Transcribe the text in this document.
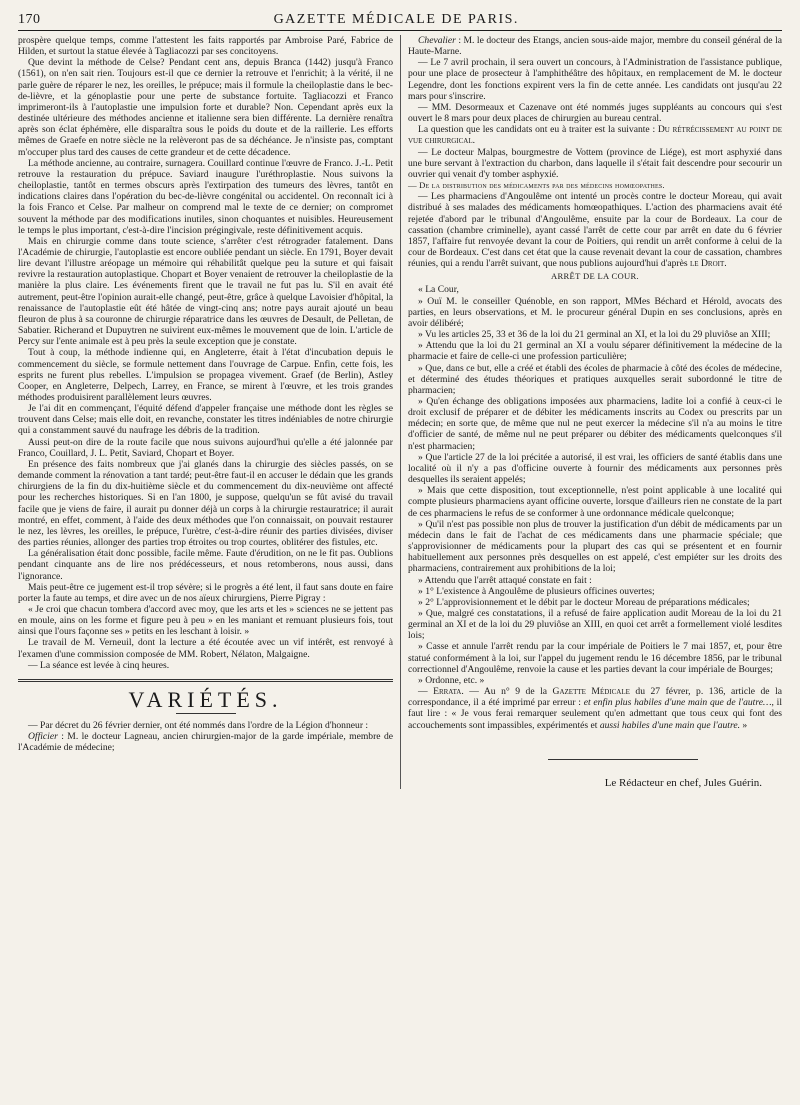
170	GAZETTE MÉDICALE DE PARIS.

prospère quelque temps, comme l'attestent les faits rapportés par Ambroise Paré, Fabrice de Hilden, et surtout la statue élevée à Tagliacozzi par ses concitoyens.

Que devint la méthode de Celse? Pendant cent ans, depuis Branca (1442) jusqu'à Franco (1561), on n'en sait rien. Toujours est-il que ce dernier la retrouve et l'enrichit; à la vérité, il ne parle guère de réparer le nez, les oreilles, le prépuce; mais il formule la cheiloplastie dans le bec-de-lièvre, et la génoplastie pour une perte de substance fortuite. Tagliacozzi et Franco imprimeront-ils à l'autoplastie une impulsion forte et durable? Non. Cependant après eux la destinée ultérieure des méthodes ancienne et italienne sera bien différente. La dernière renaîtra après son éclat éphémère, elle disparaîtra sous le poids du doute et de la raillerie. Les efforts mêmes de Graefe en notre siècle ne la relèveront pas de sa déchéance. Je n'insiste pas, comptant m'occuper plus tard des causes de cette grandeur et de cette décadence.

La méthode ancienne, au contraire, surnagera. Couillard continue l'œuvre de Franco. J.-L. Petit retrouve la restauration du prépuce. Saviard inaugure l'uréthroplastie. Nous suivons la cheiloplastie, tantôt en termes obscurs après l'extirpation des tumeurs des lèvres, tantôt en indications claires dans l'opération du bec-de-lièvre congénital ou accidentel. On reconnaît ici à la fois Franco et Celse. Par malheur on comprend mal le texte de ce dernier; on compromet souvent la méthode par des modifications inutiles, sinon choquantes et nuisibles. Heureusement le temps le plus important, c'est-à-dire l'incision prégingivale, reste définitivement acquis.

Mais en chirurgie comme dans toute science, s'arrêter c'est rétrograder fatalement. Dans l'Académie de chirurgie, l'autoplastie est encore oubliée pendant un siècle. En 1791, Boyer devait lire devant l'illustre aréopage un mémoire qui réhabilitât quelque peu la suture et qui faisait revivre la restauration autoplastique. Chopart et Boyer venaient de retrouver la cheiloplastie de la manière la plus claire. Les événements firent que le travail ne fut pas lu. S'il en avait été autrement, peut-être l'opinion aurait-elle changé, peut-être, grâce à quelque Lavoisier d'hôpital, la renaissance de l'autoplastie eût été hâtée de vingt-cinq ans; notre pays aurait ajouté un beau fleuron de plus à sa couronne de chirurgie réparatrice dans les œuvres de Desault, de Pelletan, de Sabatier. Richerand et Dupuytren ne suivirent eux-mêmes le mouvement que de loin. L'article de Percy sur l'ente animale est à peu près la seule exception que je constate.

Tout à coup, la méthode indienne qui, en Angleterre, était à l'état d'incubation depuis le commencement du siècle, se formule nettement dans l'ouvrage de Carpue. Enfin, cette fois, les esprits ne furent plus rebelles. L'impulsion se propagea vivement. Graef (de Berlin), Astley Cooper, en Angleterre, Delpech, Larrey, en France, se mirent à l'œuvre, et les trois grandes méthodes produisirent parallèlement leurs œuvres.

Je l'ai dit en commençant, l'équité défend d'appeler française une méthode dont les règles se trouvent dans Celse; mais elle doit, en revanche, constater les titres indéniables de notre chirurgie qui a constamment sauvé du naufrage les débris de la tradition.

Aussi peut-on dire de la route facile que nous suivons aujourd'hui qu'elle a été jalonnée par Franco, Couillard, J. L. Petit, Saviard, Chopart et Boyer.

En présence des faits nombreux que j'ai glanés dans la chirurgie des siècles passés, on se demande comment la rénovation a tant tardé; peut-être faut-il en accuser le dédain que les grands chirurgiens de la fin du dix-huitième siècle et du commencement du dix-neuvième ont affecté pour les recherches historiques. Si en l'an 1800, je suppose, quelqu'un se fût avisé du travail facile que je viens de faire, il aurait pu donner déjà un corps à la chirurgie restauratrice; il aurait montré, en effet, comment, à l'aide des deux méthodes que l'on connaissait, on pouvait restaurer le nez, les lèvres, les oreilles, le prépuce, l'urètre, c'est-à-dire réunir des parties divisées, diviser des parties réunies, allonger des parties trop étroites ou trop courtes, oblitérer des fistules, etc.

La généralisation était donc possible, facile même. Faute d'érudition, on ne le fit pas. Oublions pendant cinquante ans de lire nos prédécesseurs, et nous retomberons, nous aussi, dans l'ignorance.

Mais peut-être ce jugement est-il trop sévère; si le progrès a été lent, il faut sans doute en faire porter la faute au temps, et dire avec un de nos aïeux chirurgiens, Pierre Pigray :

« Je croi que chacun tombera d'accord avec moy, que les arts et les » sciences ne se jettent pas en moule, ains on les forme et figure peu à peu » en les maniant et remuant plusieurs fois, tout ainsi que l'ours façonne ses » petits en les leschant à loisir. »

Le travail de M. Verneuil, dont la lecture a été écoutée avec un vif intérêt, est renvoyé à l'examen d'une commission composée de MM. Robert, Nélaton, Malgaigne.

— La séance est levée à cinq heures.

VARIÉTÉS.

— Par décret du 26 février dernier, ont été nommés dans l'ordre de la Légion d'honneur :

Officier : M. le docteur Lagneau, ancien chirurgien-major de la garde impériale, membre de l'Académie de médecine;

Chevalier : M. le docteur des Etangs, ancien sous-aide major, membre du conseil général de la Haute-Marne.

— Le 7 avril prochain, il sera ouvert un concours, à l'Administration de l'assistance publique, pour une place de prosecteur à l'amphithéâtre des hôpitaux, en remplacement de M. le docteur Legendre, dont les fonctions expirent vers la fin de cette année. Les candidats ont jusqu'au 22 mars pour s'inscrire.

— MM. Desormeaux et Cazenave ont été nommés juges suppléants au concours qui s'est ouvert le 8 mars pour deux places de chirurgien au bureau central.

La question que les candidats ont eu à traiter est la suivante : Du rétrécissement au point de vue chirurgical.

— Le docteur Malpas, bourgmestre de Vottem (province de Liége), est mort asphyxié dans une bure servant à l'extraction du charbon, dans laquelle il s'était fait descendre pour secourir un ouvrier qui venait d'y tomber asphyxié.

— De la distribution des médicaments par des médecins homœopathes.

— Les pharmaciens d'Angoulême ont intenté un procès contre le docteur Moreau, qui avait distribué à ses malades des médicaments homœopathiques. L'action des pharmaciens avait été rejetée d'abord par le tribunal d'Angoulême, ensuite par la cour de Bordeaux. La cour de cassation (chambre criminelle), ayant cassé l'arrêt de cette cour par arrêt en date du 6 février 1857, l'affaire fut renvoyée devant la cour de Poitiers, qui rendit un arrêt conforme à celui de la cour de Bordeaux. C'est dans cet état que la cause revenait devant la cour de cassation, chambres réunies, qui a rendu l'arrêt suivant, que nous publions aujourd'hui d'après le Droit.

ARRÊT DE LA COUR.

« La Cour,

» Ouï M. le conseiller Quénoble, en son rapport, MMes Béchard et Hérold, avocats des parties, en leurs observations, et M. le procureur général Dupin en ses conclusions, après en avoir délibéré;

» Vu les articles 25, 33 et 36 de la loi du 21 germinal an XI, et la loi du 29 pluviôse an XIII;

» Attendu que la loi du 21 germinal an XI a voulu séparer définitivement la médecine de la pharmacie et faire de celle-ci une profession particulière;

» Que, dans ce but, elle a créé et établi des écoles de pharmacie à côté des écoles de médecine, et déterminé des études théoriques et pratiques auxquelles serait subordonné le titre de pharmacien;

» Qu'en échange des obligations imposées aux pharmaciens, ladite loi a confié à ceux-ci le droit exclusif de préparer et de débiter les médicaments inscrits au Codex ou prescrits par un médecin; en sorte que, de même que nul ne peut exercer la médecine s'il n'a au moins le titre d'officier de santé, de même nul ne peut préparer ou débiter des médicaments quelconques s'il n'est pharmacien;

» Que l'article 27 de la loi précitée a autorisé, il est vrai, les officiers de santé établis dans une localité où il n'y a pas d'officine ouverte à fournir des médicaments aux personnes près desquelles ils seraient appelés;

» Mais que cette disposition, tout exceptionnelle, n'est point applicable à une localité qui compte plusieurs pharmaciens ayant officine ouverte, lorsque d'ailleurs rien ne constate de la part de ces pharmaciens le refus de se conformer à une ordonnance médicale quelconque;

» Qu'il n'est pas possible non plus de trouver la justification d'un débit de médicaments par un médecin dans le fait de l'achat de ces médicaments dans une pharmacie spéciale; que s'approvisionner de médicaments pour la plupart des cas qui se présentent et en fournir habituellement aux personnes près desquelles on est appelé, c'est empiéter sur les droits des pharmaciens, contrairement aux prohibitions de la loi;

» Attendu que l'arrêt attaqué constate en fait :

» 1° L'existence à Angoulême de plusieurs officines ouvertes;

» 2° L'approvisionnement et le débit par le docteur Moreau de préparations médicales;

» Que, malgré ces constatations, il a refusé de faire application audit Moreau de la loi du 21 germinal an XI et de la loi du 29 pluviôse an XIII, en quoi cet arrêt a formellement violé lesdites lois;

» Casse et annule l'arrêt rendu par la cour impériale de Poitiers le 7 mai 1857, et, pour être statué conformément à la loi, sur l'appel du jugement rendu le 16 décembre 1856, par le tribunal correctionnel d'Angoulême, renvoie la cause et les parties devant la cour impériale de Bourges;

» Ordonne, etc. »

— Errata. — Au n° 9 de la Gazette Médicale du 27 févrer, p. 136, article de la correspondance, il a été imprimé par erreur : et enfin plus habiles d'une main que de l'autre…, il faut lire : « Je vous ferai remarquer seulement qu'en admettant que tous ceux qui font des accouchements sont impassibles, expérimentés et aussi habiles d'une main que l'autre. »

Le Rédacteur en chef, Jules Guérin.
